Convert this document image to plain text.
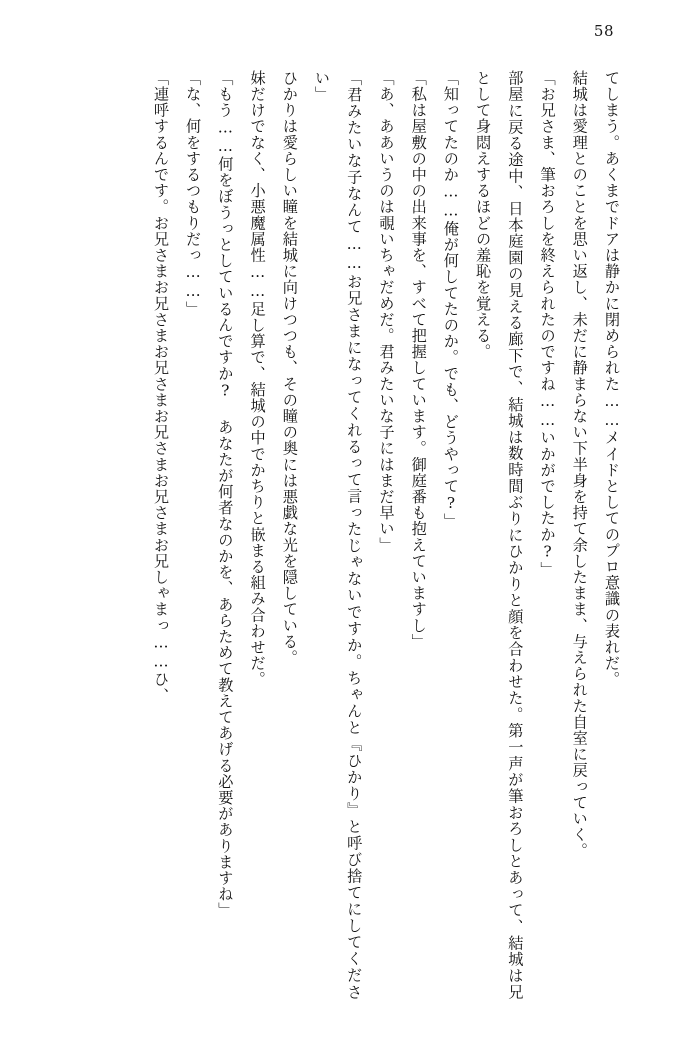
58

てしまう。あくまでドアは静かに閉められた……メイドとしてのプロ意識の表れだ。

結城は愛理とのことを思い返し、未だに静まらない下半身を持て余したまま、与えられた自室に戻っていく。

「お兄さま、筆おろしを終えられたのですね……いかがでしたか?」

部屋に戻る途中、日本庭園の見える廊下で、結城は数時間ぶりにひかりと顔を合わせた。第一声が筆おろしとあって、結城は兄として身悶えするほどの羞恥を覚える。

「知ってたのか……俺が何してたのか。でも、どうやって?」

「私は屋敷の中の出来事を、すべて把握しています。御庭番も抱えていますし」

「あ、ああいうのは覗いちゃだめだ。君みたいな子にはまだ早い」

「君みたいな子なんて……お兄さまになってくれるって言ったじゃないですか。ちゃんと『ひかり』と呼び捨てにしてください」

ひかりは愛らしい瞳を結城に向けつつも、その瞳の奥には悪戯な光を隠している。

妹だけでなく、小悪魔属性……足し算で、結城の中でかちりと嵌まる組み合わせだ。

「もう……何をぼうっとしているんですか? あなたが何者なのかを、あらためて教えてあげる必要がありますね」

「な、何をするつもりだっ……」

「連呼するんです。お兄さまお兄さまお兄さまお兄さまお兄さまお兄しゃまっ……ひ、
